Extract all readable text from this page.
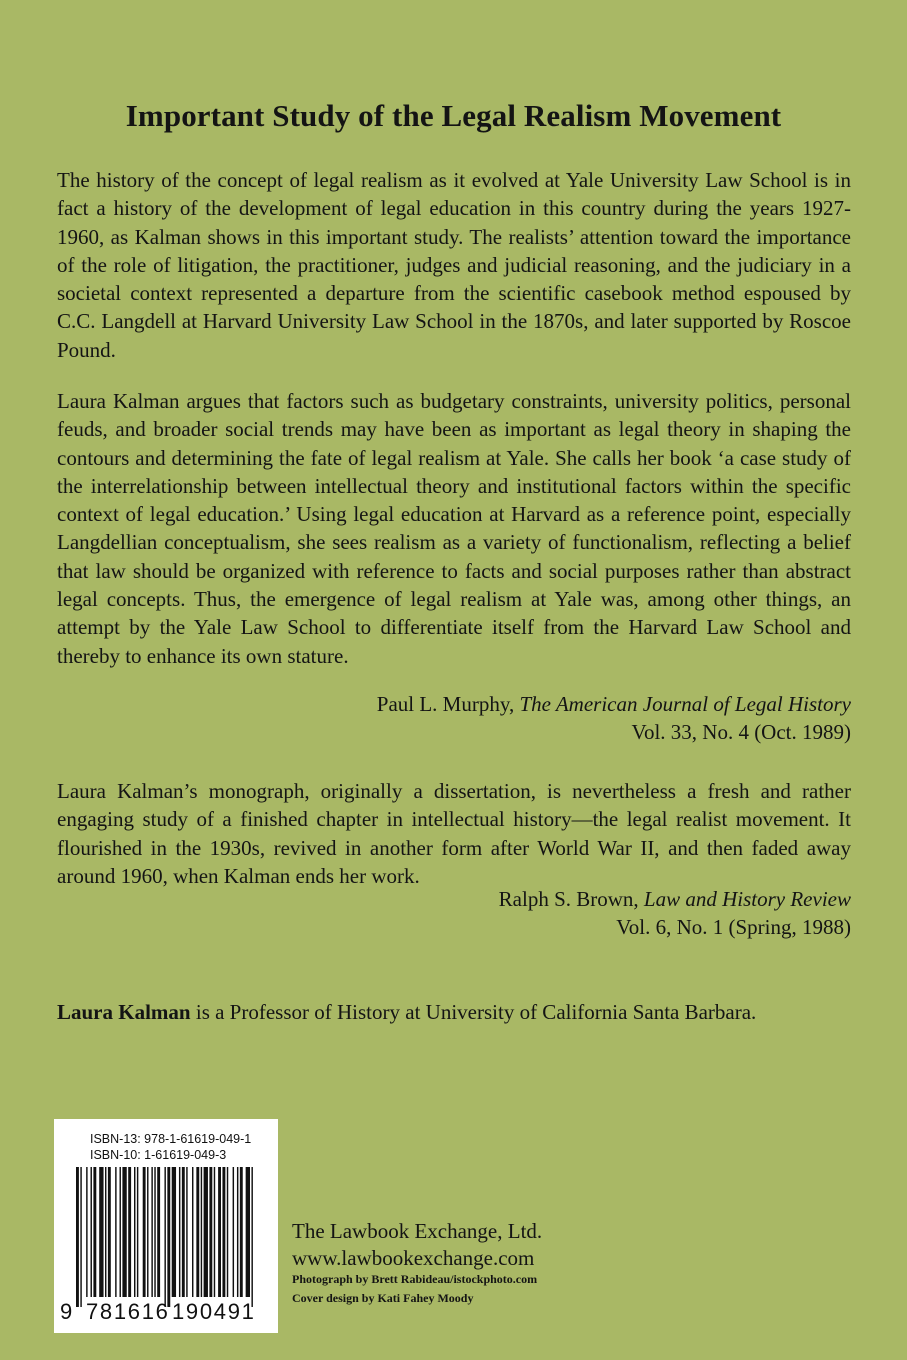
Important Study of the Legal Realism Movement

The history of the concept of legal realism as it evolved at Yale University Law School is in fact a history of the development of legal education in this country during the years 1927-1960, as Kalman shows in this important study. The realists’ attention toward the importance of the role of litigation, the practitioner, judges and judicial reasoning, and the judiciary in a societal context represented a departure from the scientific casebook method espoused by C.C. Langdell at Harvard University Law School in the 1870s, and later supported by Roscoe Pound.

Laura Kalman argues that factors such as budgetary constraints, university politics, personal feuds, and broader social trends may have been as important as legal theory in shaping the contours and determining the fate of legal realism at Yale. She calls her book ‘a case study of the interrelationship between intellectual theory and institutional factors within the specific context of legal education.’ Using legal education at Harvard as a reference point, especially Langdellian conceptualism, she sees realism as a variety of functionalism, reflecting a belief that law should be organized with reference to facts and social purposes rather than abstract legal concepts. Thus, the emergence of legal realism at Yale was, among other things, an attempt by the Yale Law School to differentiate itself from the Harvard Law School and thereby to enhance its own stature.

Paul L. Murphy, The American Journal of Legal History
Vol. 33, No. 4 (Oct. 1989)

Laura Kalman’s monograph, originally a dissertation, is nevertheless a fresh and rather engaging study of a finished chapter in intellectual history—the legal realist movement. It flourished in the 1930s, revived in another form after World War II, and then faded away around 1960, when Kalman ends her work.

Ralph S. Brown, Law and History Review
Vol. 6, No. 1 (Spring, 1988)

Laura Kalman is a Professor of History at University of California Santa Barbara.

ISBN-13: 978-1-61619-049-1
ISBN-10: 1-61619-049-3
9 781616 190491
The Lawbook Exchange, Ltd.
www.lawbookexchange.com
Photograph by Brett Rabideau/istockphoto.com
Cover design by Kati Fahey Moody
